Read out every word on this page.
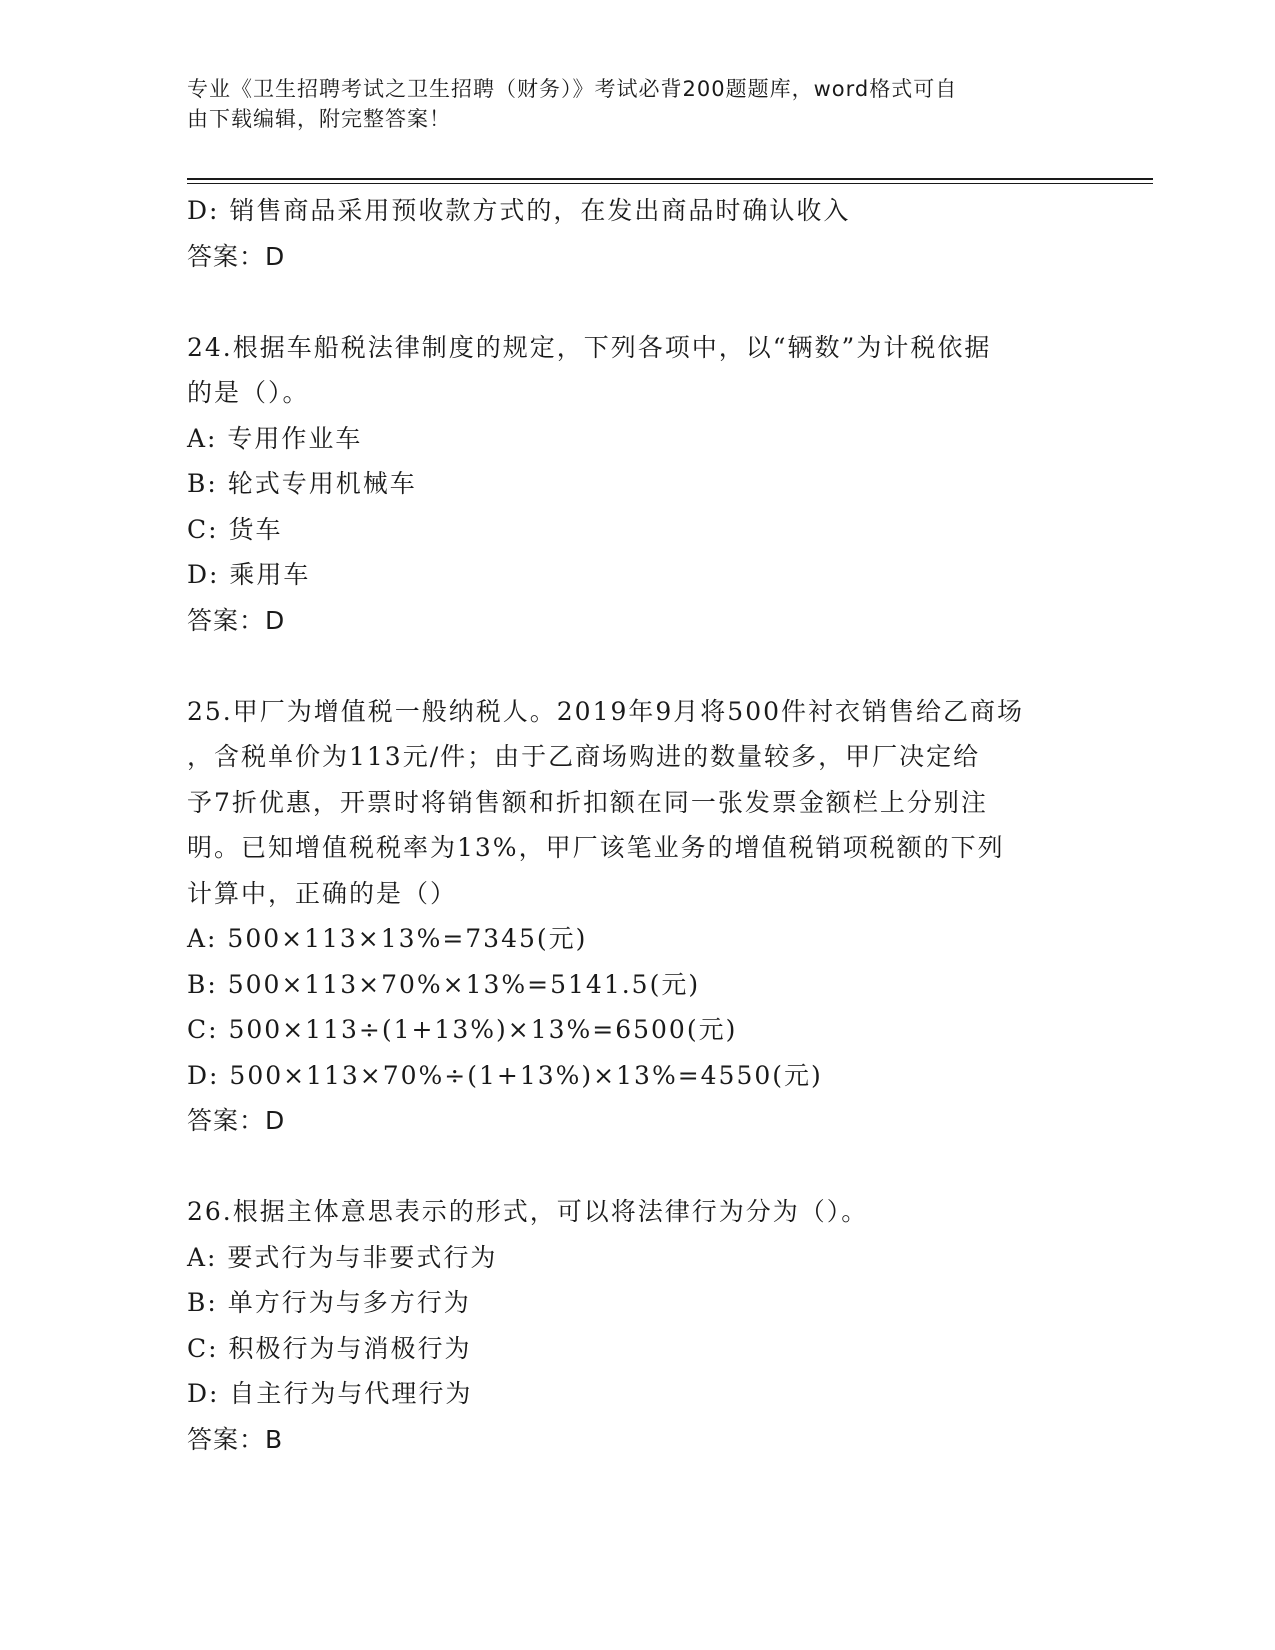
专业《卫生招聘考试之卫生招聘（财务）》考试必背200题题库，word格式可自
由下载编辑，附完整答案！
D: 销售商品采用预收款方式的，在发出商品时确认收入
答案：D
24.根据车船税法律制度的规定，下列各项中，以“辆数”为计税依据
的是（）。
A: 专用作业车
B: 轮式专用机械车
C: 货车
D: 乘用车
答案：D
25.甲厂为增值税一般纳税人。2019年9月将500件衬衣销售给乙商场
，含税单价为113元/件；由于乙商场购进的数量较多，甲厂决定给
予7折优惠，开票时将销售额和折扣额在同一张发票金额栏上分别注
明。已知增值税税率为13%，甲厂该笔业务的增值税销项税额的下列
计算中，正确的是（）
A: 500×113×13%=7345(元)
B: 500×113×70%×13%=5141.5(元)
C: 500×113÷(1+13%)×13%=6500(元)
D: 500×113×70%÷(1+13%)×13%=4550(元)
答案：D
26.根据主体意思表示的形式，可以将法律行为分为（）。
A: 要式行为与非要式行为
B: 单方行为与多方行为
C: 积极行为与消极行为
D: 自主行为与代理行为
答案：B
